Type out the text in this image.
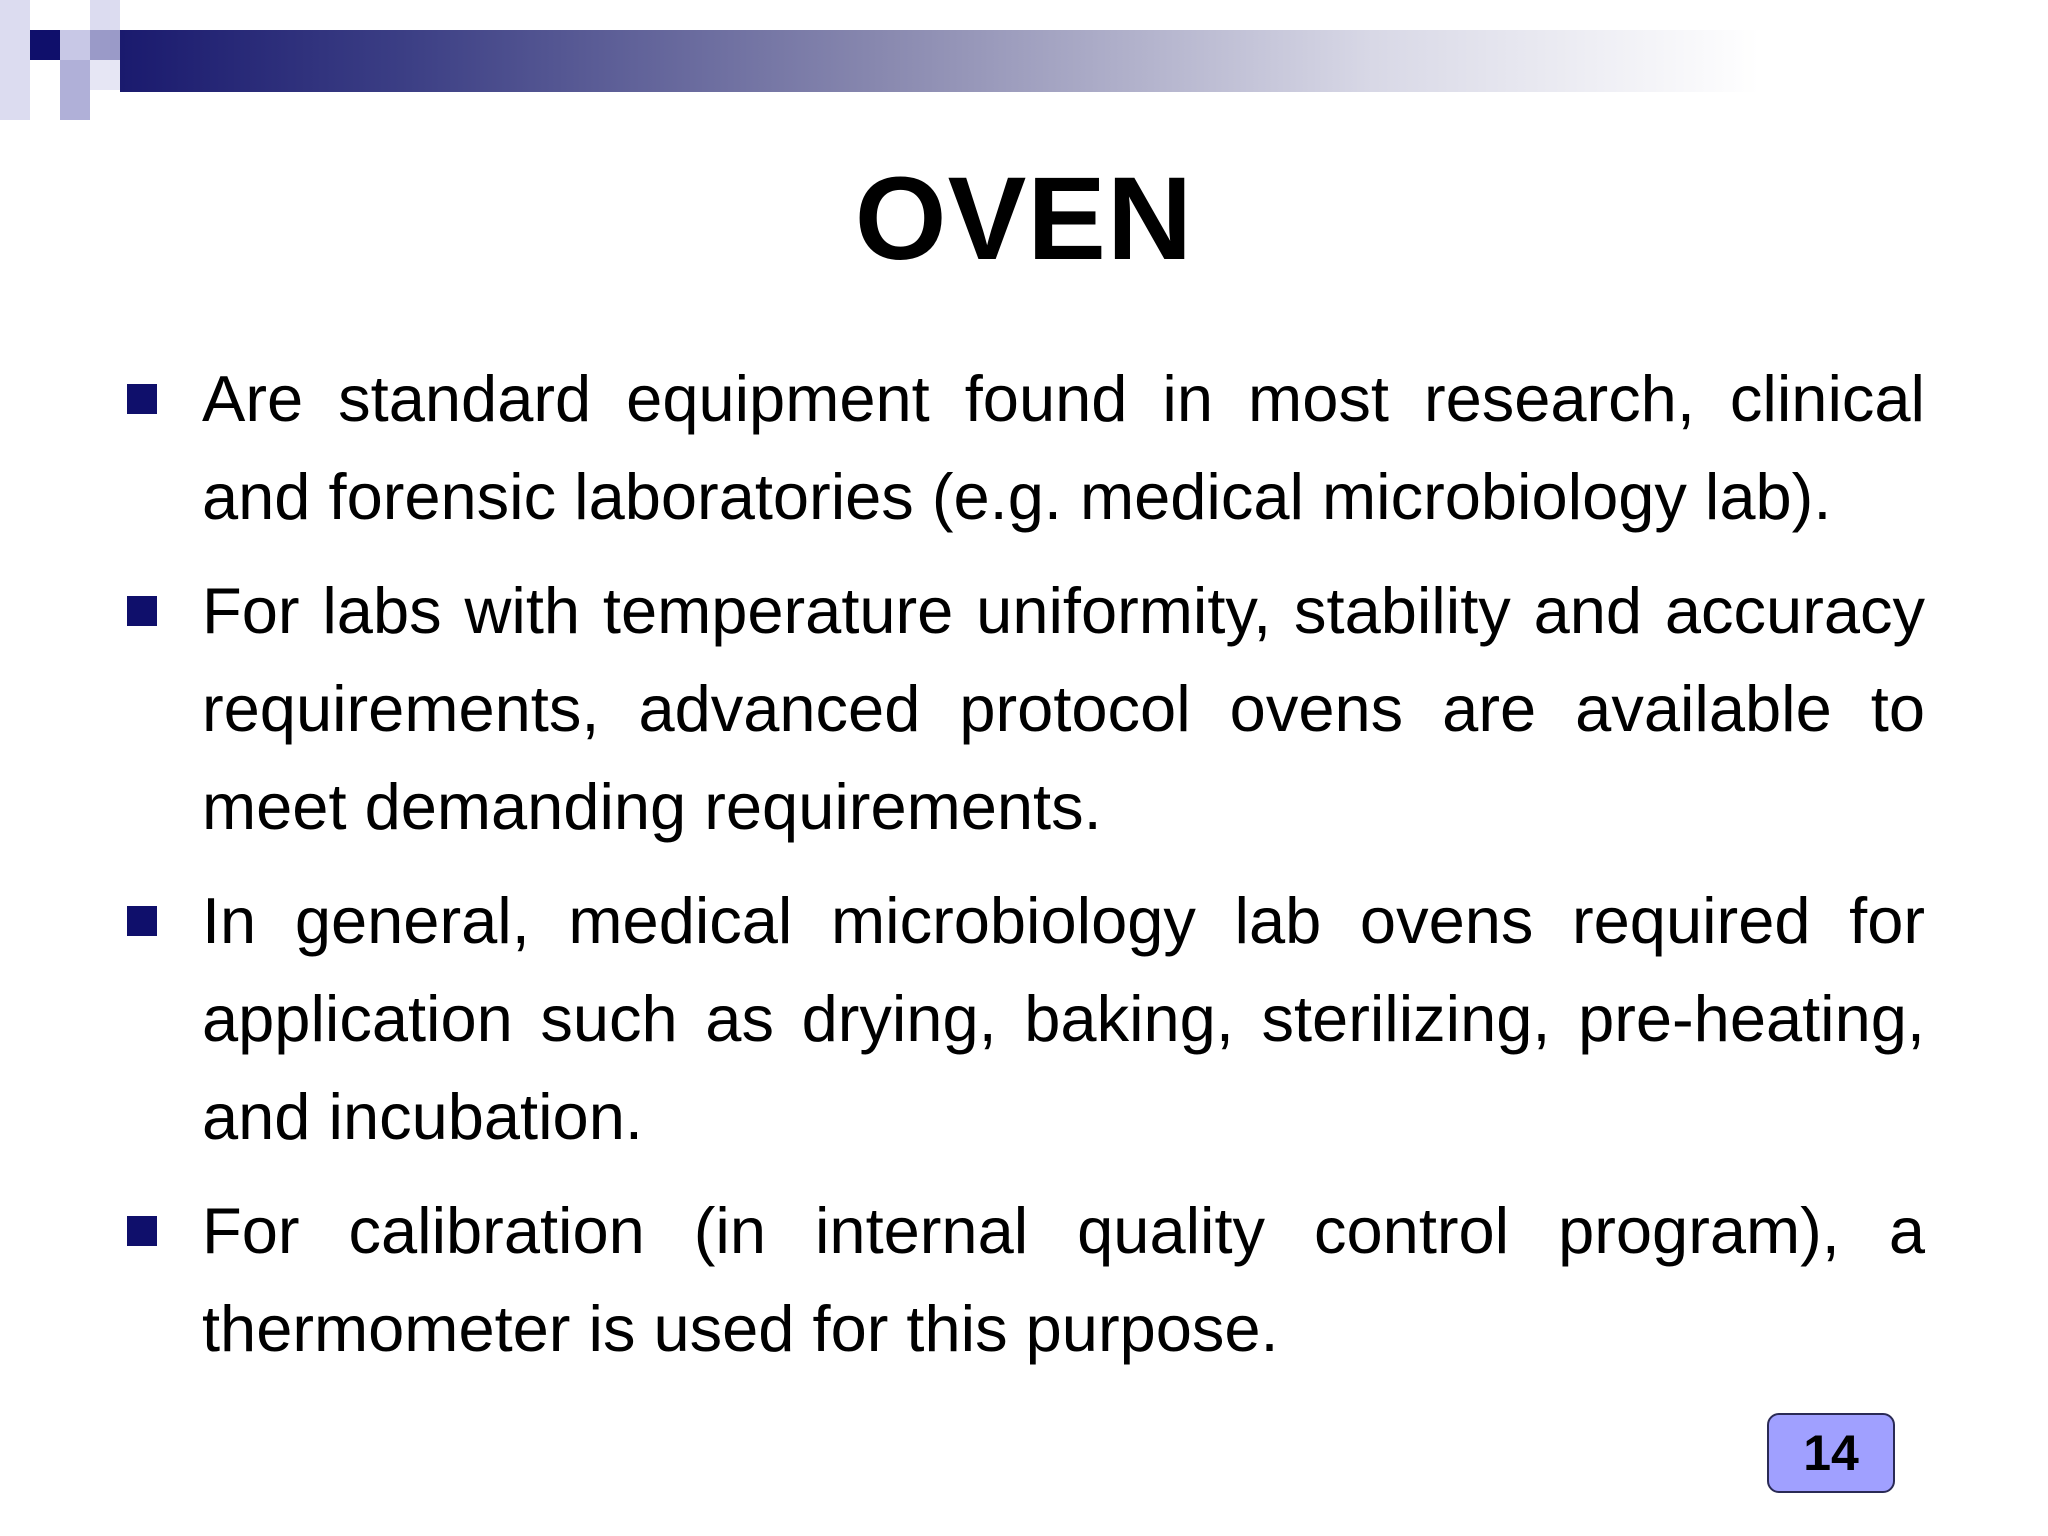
OVEN
Are standard equipment found in most research, clinical and forensic laboratories (e.g. medical microbiology lab).
For labs with temperature uniformity, stability and accuracy requirements, advanced protocol ovens are available to meet demanding requirements.
In general, medical microbiology lab ovens required for application such as drying, baking, sterilizing, pre-heating, and incubation.
For calibration (in internal quality control program), a thermometer is used for this purpose.
14
